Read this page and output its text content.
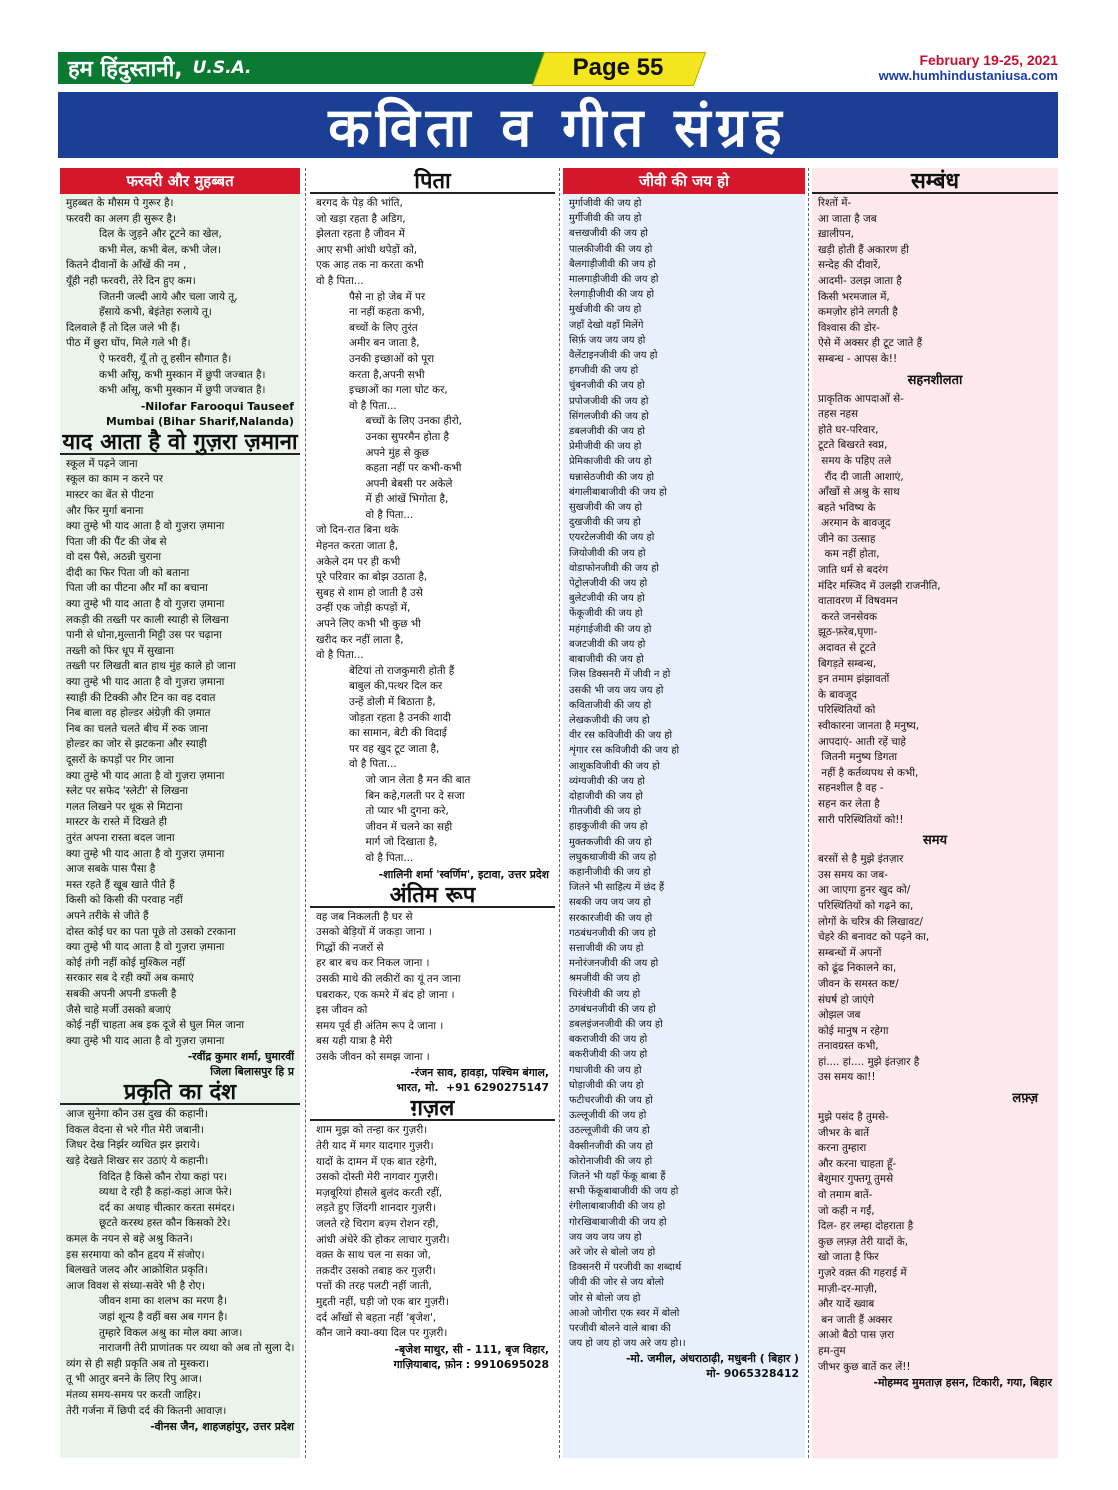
हम हिंदुस्तानी, U.S.A.	Page 55	February 19-25, 2021
www.humhindustaniusa.com
कविता व गीत संग्रह
फरवरी और मुहब्बत
मुहब्बत के मौसम पे गुरूर है।
फरवरी का अलग ही सुरूर है।
दिल के जुड़ने और टूटने का खेल,
कभी मेल, कभी बेल, कभी जेल।
कितने दीवानों के आँखें की नम ,
यूँही नही फरवरी, तेरे दिन हुए कम।
जितनी जल्दी आये और चला जाये तू,
हँसाये कभी, बेइंतेहा रुलाये तू।
दिलवाले हैं तो दिल जले भी हैं।
पीठ में छुरा घोंप, मिले गले भी हैं।
ऐ फरवरी, यूँ तो तू हसीन सौगात है।
कभी आँसू, कभी मुस्कान में छुपी जज्बात है।
कभी आँसू, कभी मुस्कान में छुपी जज्बात है।
-Nilofar Farooqui Tauseef
Mumbai (Bihar Sharif,Nalanda)
याद आता है वो गुज़रा ज़माना
स्कूल में पढ़ने जाना
स्कूल का काम न करने पर
मास्टर का बेंत से पीटना
और फिर मुर्गा बनाना
क्या तुम्हे भी याद आता है वो गुज़रा ज़माना
पिता जी की पैंट की जेब से
वो दस पैसे, अठन्नी चुराना
दीदी का फिर पिता जी को बताना
पिता जी का पीटना और माँ का बचाना
क्या तुम्हे भी याद आता है वो गुज़रा ज़माना
लकड़ी की तख्ती पर काली स्याही से लिखना
पानी से धोना,मुल्तानी मिट्टी उस पर चढ़ाना
तख्ती को फिर धूप में सुखाना
तख्ती पर लिखती बात हाथ मुंह काले हो जाना
क्या तुम्हे भी याद आता है वो गुज़रा ज़माना
स्याही की टिक्की और टिन का वह दवात
निब बाला वह होल्डर अंग्रेज़ी की ज़मात
निब का चलते चलते बीच में रुक जाना
होल्डर का जोर से झटकना और स्याही
दूसरों के कपड़ों पर गिर जाना
क्या तुम्हे भी याद आता है वो गुज़रा ज़माना
स्लेट पर सफेद 'स्लेटी' से लिखना
गलत लिखने पर थूक से मिटाना
मास्टर के रास्ते में दिखते ही
तुरंत अपना रास्ता बदल जाना
क्या तुम्हे भी याद आता है वो गुज़रा ज़माना
आज सबके पास पैसा है
मस्त रहते हैं खूब खाते पीते हैं
किसी को किसी की परवाह नहीं
अपने तरीके से जीते हैं
दोस्त कोई घर का पता पूछे तो उसको टरकाना
क्या तुम्हे भी याद आता है वो गुज़रा ज़माना
कोई तंगी नहीं कोई मुश्किल नहीं
सरकार सब दे रही क्यों अब कमाएं
सबकी अपनी अपनी डफली है
जैसे चाहे मर्जी उसको बजाएं
कोई नहीं चाहता अब इक दूजे से घुल मिल जाना
क्या तुम्हे भी याद आता है वो गुज़रा ज़माना
-रवींद्र कुमार शर्मा, घुमारवीं
जिला बिलासपुर हि प्र
प्रकृति का दंश
आज सुनेगा कौन उस दुख की कहानी।
विकल वेदना से भरे गीत मेरी जबानी।
जिधर देख निर्झर व्यथित झर झराये।
खड़े देखते शिखर सर उठाएं ये कहानी।
विदित है किसे कौन रोया कहां पर।
व्यथा दे रही है कहां-कहां आज फेरे।
दर्द का अथाह चीत्कार करता समंदर।
छूटते करस्थ हस्त कौन किसको टेरे।
कमल के नयन से बहे अश्रु कितने।
इस सरमाया को कौन हृदय में संजोए।
बिलखते जलद और आक्रोशित प्रकृति।
आज विवश से संध्या-सवेरे भी है रोए।
जीवन शमा का शलभ का मरण है।
जहां शून्य है वहीं बस अब गगन है।
तुम्हारे विकल अश्रु का मोल क्या आज।
नाराजगी तेरी प्राणांतक पर व्यथा को अब तो सुला दे।
व्यंग से ही सही प्रकृति अब तो मुस्करा।
तू भी आतुर बनने के लिए रिपु आज।
मंतव्य समय-समय पर करती जाहिर।
तेरी गर्जना में छिपी दर्द की कितनी आवाज़।
-वीनस जैन, शाहजहांपुर, उत्तर प्रदेश
पिता
बरगद के पेड़ की भांति,
जो खड़ा रहता है अडिग,
झेलता रहता है जीवन में
आए सभी आंधी थपेड़ों को,
एक आह तक ना करता कभी
वो है पिता...
पैसे ना हो जेब में पर
ना नहीं कहता कभी,
बच्चों के लिए तुरंत
अमीर बन जाता है,
उनकी इच्छाओं को पूरा
करता है,अपनी सभी
इच्छाओं का गला घोट कर,
वो है पिता...
बच्चों के लिए उनका हीरो,
उनका सुपरमैन होता है
अपने मुंह से कुछ
कहता नहीं पर कभी-कभी
अपनी बेबसी पर अकेले
में ही आंखें भिगोता है,
वो है पिता...
जो दिन-रात बिना थके
मेहनत करता जाता है,
अकेले दम पर ही कभी
पूरे परिवार का बोझ उठाता है,
सुबह से शाम हो जाती है उसे
उन्हीं एक जोड़ी कपड़ों में,
अपने लिए कभी भी कुछ भी
खरीद कर नहीं लाता है,
वो है पिता...
बेटियां तो राजकुमारी होती हैं
बाबुल की,पत्थर दिल कर
उन्हें डोली में बिठाता है,
जोड़ता रहता है उनकी शादी
का सामान, बेटी की विदाई
पर वह खुद टूट जाता है,
वो है पिता...
जो जान लेता है मन की बात
बिन कहे,गलती पर दे सजा
तो प्यार भी दुगना करे,
जीवन में चलने का सही
मार्ग जो दिखाता है,
वो है पिता...
-शालिनी शर्मा 'स्वर्णिम', इटावा, उत्तर प्रदेश
अंतिम रूप
वह जब निकलती है घर से
उसको बेड़ियों में जकड़ा जाना ।
गिद्धों की नजरों से
हर बार बच कर निकल जाना ।
उसकी माथे की लकीरों का यूं तन जाना
घबराकर, एक कमरे में बंद हो जाना ।
इस जीवन को
समय पूर्व ही अंतिम रूप दे जाना ।
बस यही यात्रा है मेरी
उसके जीवन को समझ जाना ।
-रंजन साव, हावड़ा, पश्चिम बंगाल,
भारत, मो.  +91 6290275147
ग़ज़ल
शाम मुझ को तन्हा कर गुज़री।
तेरी याद में मगर यादगार गुज़री।
यादों के दामन में एक बात रहेगी,
उसको दोस्ती मेरी नागवार गुज़री।
मज़बूरियां हौसले बुलंद करती रहीं,
लड़ते हुए ज़िंदगी शानदार गुज़री।
जलते रहे चिराग बज़्म रोशन रही,
आंधी अंधेरे की होकर लाचार गुज़री।
वक़्त के साथ चल ना सका जो,
तक़दीर उसको तबाह कर गुज़री।
पत्तों की तरह पलटी नहीं जाती,
मुद्दती नहीं, घड़ी जो एक बार गुज़री।
दर्द आँखों से बहता नहीं 'बृजेश',
कौन जाने क्या-क्या दिल पर गुज़री।
-बृजेश माथुर, सी - 111, बृज विहार,
गाज़ियाबाद, फ़ोन : 9910695028
जीवी की जय हो
मुर्गाजीवी की जय हो
मुर्गीजीवी की जय हो
बत्तखजीवी की जय हो
पालकीजीवी की जय हो
बैलगाड़ीजीवी की जय हो
मालगाड़ीजीवी की जय हो
रेलगाड़ीजीवी की जय हो
मुर्खजीवी की जय हो
जहाँ देखो वहाँ मिलेंगे
सिर्फ़ जय जय जय हो
वैलेंटाइनजीवी की जय हो
हगजीवी की जय हो
चुंबनजीवी की जय हो
प्रपोजजीवी की जय हो
सिंगलजीवी की जय हो
डबलजीवी की जय हो
प्रेमीजीवी की जय हो
प्रेमिकाजीवी की जय हो
धन्नासेठजीवी की जय हो
बंगालीबाबाजीवी की जय हो
सुखजीवी की जय हो
दुखजीवी की जय हो
एयरटेलजीवी की जय हो
जियोजीवी की जय हो
वोडाफोनजीवी की जय हो
पेट्रोलजीवी की जय हो
बुलेटजीवी की जय हो
फेंकूजीवी की जय हो
महंगाईजीवी की जय हो
बजटजीवी की जय हो
बाबाजीवी की जय हो
जिस डिक्सनरी में जीवी न हो
उसकी भी जय जय जय हो
कविताजीवी की जय हो
लेखकजीवी की जय हो
वीर रस कविजीवी की जय हो
शृंगार रस कविजीवी की जय हो
आशुकविजीवी की जय हो
व्यंग्यजीवी की जय हो
दोहाजीवी की जय हो
गीतजीवी की जय हो
हाइकुजीवी की जय हो
मुक्तकजीवी की जय हो
लघुकथाजीवी की जय हो
कहानीजीवी की जय हो
जितने भी साहित्य में छंद हैं
सबकी जय जय जय हो
सरकारजीवी की जय हो
गठबंधनजीवी की जय हो
सत्ताजीवी की जय हो
मनोरंजनजीवी की जय हो
श्रमजीवी की जय हो
चिरंजीवी की जय हो
ठगबंधनजीवी की जय हो
डबलइंजनजीवी की जय हो
बकराजीवी की जय हो
बकरीजीवी की जय हो
गधाजीवी की जय हो
घोड़ाजीवी की जय हो
फटीचरजीवी की जय हो
ऊल्लूजीवी की जय हो
उठल्लूजीवी की जय हो
वैक्सीनजीवी की जय हो
कोरोनाजीवी की जय हो
जितने भी यहाँ फेंकू बाबा हैं
सभी फेंकूबाबाजीवी की जय हो
रंगीलाबाबाजीवी की जय हो
गोरखिबाबाजीवी की जय हो
जय जय जय जय हो
अरे जोर से बोलो जय हो
डिक्सनरी में परजीवी का शब्दार्थ
जीवी की जोर से जय बोलो
जोर से बोलो जय हो
आओ जोगीरा एक स्वर में बोलो
परजीवी बोलने वाले बाबा की
जय हो जय हो जय अरे जय हो।।
-मो. जमील, अंधराठाढ़ी, मधुबनी ( बिहार )
मो- 9065328412
सम्बंध
रिश्तों में-
आ जाता है जब
ख़ालीपन,
खड़ी होती हैं अकारण ही
सन्देह की दीवारें,
आदमी- उलझ जाता है
किसी भरमजाल में,
कमज़ोर होने लगती है
विश्वास की डोर-
ऐसे में अक्सर ही टूट जाते हैं
सम्बन्ध - आपस के!!
सहनशीलता
प्राकृतिक आपदाओं से-
तहस नहस
होते घर-परिवार,
टूटते बिखरते स्वप्न,
समय के पहिए तले
रौंद दी जाती आशाएं,
आँखों से अश्रु के साथ
बहते भविष्य के
अरमान के बावजूद
जीने का उत्साह
कम नहीं होता,
जाति धर्म से बदरंग
मंदिर मस्जिद में उलझी राजनीति,
वातावरण में विषवमन
करते जनसेवक
झूठ-फ़रेब,घृणा-
अदावत से टूटते
बिगड़ते सम्बन्ध,
इन तमाम झंझावतों
के बावजूद
परिस्थितियों को
स्वीकारना जानता है मनुष्य,
आपदाएं- आती रहें चाहे
जितनी मनुष्य डिगता
नहीं है कर्तव्यपथ से कभी,
सहनशील है वह -
सहन कर लेता है
सारी परिस्थितियों को!!
समय
बरसों से है मुझे इंतज़ार
उस समय का जब-
आ जाएगा हुनर खुद को/
परिस्थितियों को गढ़ने का,
लोगों के चरित्र की लिखावट/
चेहरे की बनावट को पढ़ने का,
सम्बन्धों में अपनों
को ढूंढ निकालने का,
जीवन के समस्त कष्ट/
संघर्ष हो जाएंगे
ओझल जब
कोई मानुष न रहेगा
तनावग्रस्त कभी,
हां.... हां.... मुझे इंतज़ार है
उस समय का!!
लफ़्ज़
मुझे पसंद है तुमसे-
जीभर के बातें
करना तुम्हारा
और करना चाहता हूँ-
बेशुमार गुफ्तगू तुमसे
वो तमाम बातें-
जो कही न गईं,
दिल- हर लम्हा दोहराता है
कुछ लफ़्ज़ तेरी यादों के,
खो जाता है फिर
गुज़रे वक़्त की गहराई में
माज़ी-दर-माज़ी,
और यादें ख्वाब
बन जाती हैं अक्सर
आओ बैठो पास ज़रा
हम-तुम
जीभर कुछ बातें कर लें!!
-मोहम्मद मुमताज़ हसन, टिकारी, गया, बिहार
